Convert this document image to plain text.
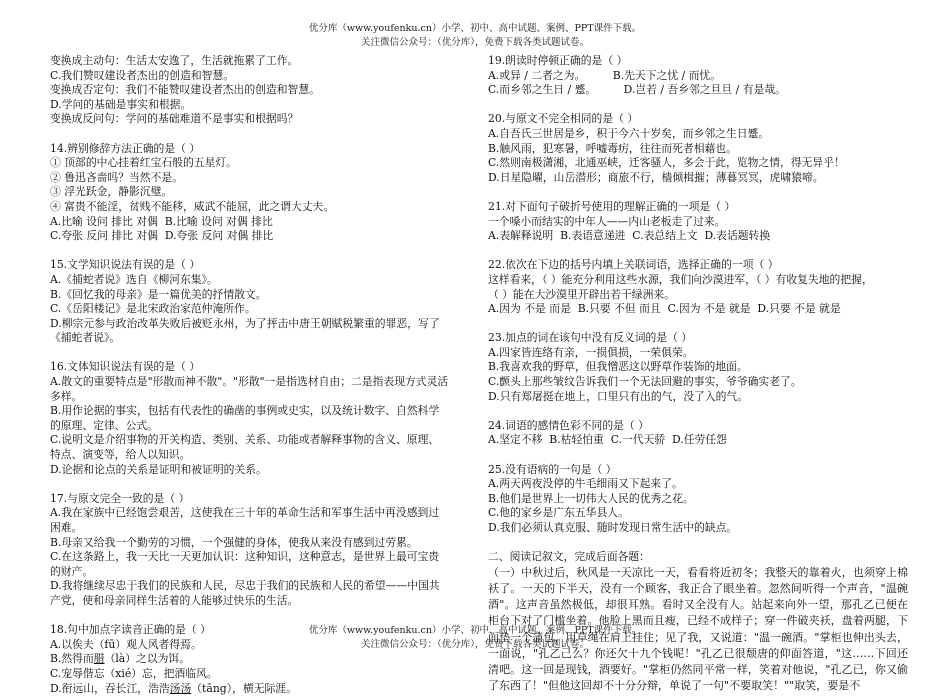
优分库（www.youfenku.cn）小学、初中、高中试题、案例、PPT课件下载。
关注微信公众号：（优分库），免费下载各类试题试卷。
变换成主动句：生活太安逸了，生活就拖累了工作。
C.我们赞叹建设者杰出的创造和智慧。
变换成否定句：我们不能赞叹建设者杰出的创造和智慧。
D.学问的基础是事实和根据。
变换成反问句：学问的基础难道不是事实和根据吗？
14.辨别修辞方法正确的是（ ）
① 顶部的中心挂着红宝石般的五星灯。
② 鲁迅吝啬吗？当然不是。
③ 浮光跃金，静影沉璧。
④ 富贵不能淫，贫贱不能移，威武不能屈，此之谓大丈夫。
A.比喻 设问 排比 对偶  B.比喻 设问 对偶 排比
C.夸张 反问 排比 对偶  D.夸张 反问 对偶 排比
15.文学知识说法有误的是（ ）
A.《捕蛇者说》选自《柳河东集》。
B.《回忆我的母亲》是一篇优美的抒情散文。
C.《岳阳楼记》是北宋政治家范仲淹所作。
D.柳宗元参与政治改革失败后被贬永州，为了抨击中唐王朝赋税繁重的罪恶，写了
《捕蛇者说》。
16.文体知识说法有误的是（ ）
A.散文的重要特点是"形散而神不散"。"形散"一是指选材自由；二是指表现方式灵活
多样。
B.用作论据的事实，包括有代表性的确凿的事例或史实，以及统计数字、自然科学
的原理、定律、公式。
C.说明文是介绍事物的开关构造、类别、关系、功能或者解释事物的含义、原理、
特点、演变等，给人以知识。
D.论据和论点的关系是证明和被证明的关系。
17.与原文完全一致的是（ ）
A.我在家族中已经饱尝艰苦，这使我在三十年的革命生活和军事生活中再没感到过
困难。
B.母亲又给我一个勤劳的习惯，一个强健的身体，使我从来没有感到过劳累。
C.在这条路上，我一天比一天更加认识：这种知识，这种意志，是世界上最可宝贵
的财产。
D.我将继续尽忠于我们的民族和人民，尽忠于我们的民族和人民的希望——中国共
产党，使和母亲同样生活着的人能够过快乐的生活。
18.句中加点字读音正确的是（ ）
A.以俟夫（fū）观人风者得焉。
B.然得而腊（là）之以为饵。
C.宠辱偕忘（xié）忘，把酒临风。
D.衔远山，吞长江，浩浩汤汤（tāng），横无际涯。
19.朗读时停顿正确的是（ ）
A.或异 / 二者之为。        B.先天下之忧 / 而忧。
C.而乡邻之生日 / 蹙。        D.岂若 / 吾乡邻之旦旦 / 有是哉。
20.与原文不完全相同的是（ ）
A.自吾氏三世居是乡，积于今六十岁矣，而乡邻之生日蹙。
B.触风雨，犯寒暑，呼嘘毒疠，往往而死者相藉也。
C.然则南极潇湘，北通巫峡，迁客骚人，多会于此，览物之情，得无异乎！
D.日星隐曜，山岳潜形；商旅不行，樯倾楫摧；薄暮冥冥，虎啸猿啼。
21.对下面句子破折号使用的理解正确的一项是（ ）
一个嗓小而结实的中年人——内山老板走了过来。
A.表解释说明  B.表语意递进  C.表总结上文  D.表话题转换
22.依次在下边的括号内填上关联词语，选择正确的一项（ ）
这样看来，（ ）能充分利用这些水源，我们向沙漠进军，（ ）有收复失地的把握，
（ ）能在大沙漠里开辟出若干绿洲来。
A.因为 不是 而是  B.只要 不但 而且  C.因为 不是 就是  D.只要 不是 就是
23.加点的词在该句中没有反义词的是（ ）
A.四家皆连络有亲，一损俱损，一荣俱荣。
B.我喜欢我的野草，但我憎恶这以野草作装饰的地面。
C.颤头上那些皱纹告诉我们一个无法回避的事实，爷爷确实老了。
D.只有郑屠挺在地上，口里只有出的气，没了入的气。
24.词语的感情色彩不同的是（ ）
A.坚定不移  B.枯轻怕重  C.一代天骄  D.任劳任怨
25.没有语病的一句是（ ）
A.两天两夜没停的牛毛细雨又下起来了。
B.他们是世界上一切伟大人民的优秀之花。
C.他的家乡是广东五华县人。
D.我们必须认真克服、随时发现日常生活中的缺点。
二、阅读记叙文，完成后面各题：
（一）中秋过后，秋风是一天凉比一天，看看将近初冬；我整天的靠着火，也须穿上棉袄了。一天的下半天，没有一个顾客，我正合了眼坐着。忽然间听得一个声音，"温碗酒"。这声音虽然极低，却很耳熟。看时又全没有人。站起来向外一望，那孔乙已便在柜台下对了门槛坐着。他脸上黑而且瘦，已经不成样子；穿一件破夹袄，盘着两腿，下面垫一个蒲包，用草绳在肩上挂住；见了我，又说道："温一碗酒。"掌柜也伸出头去，一面说，"孔乙己么？你还欠十九个钱呢！"孔乙已很颓唐的仰面答道，"这……下回还清吧。这一回是现钱，酒要好。"掌柜仍然同平常一样，笑着对他说，"孔乙已，你又偷了东西了！"但他这回却不十分分辩，单说了一句"不要取笑！""取笑，要是不
优分库（www.youfenku.cn）小学、初中、高中试题、案例、PPT课件下载。
关注微信公众号：（优分库），免费下载各类试题试卷。
